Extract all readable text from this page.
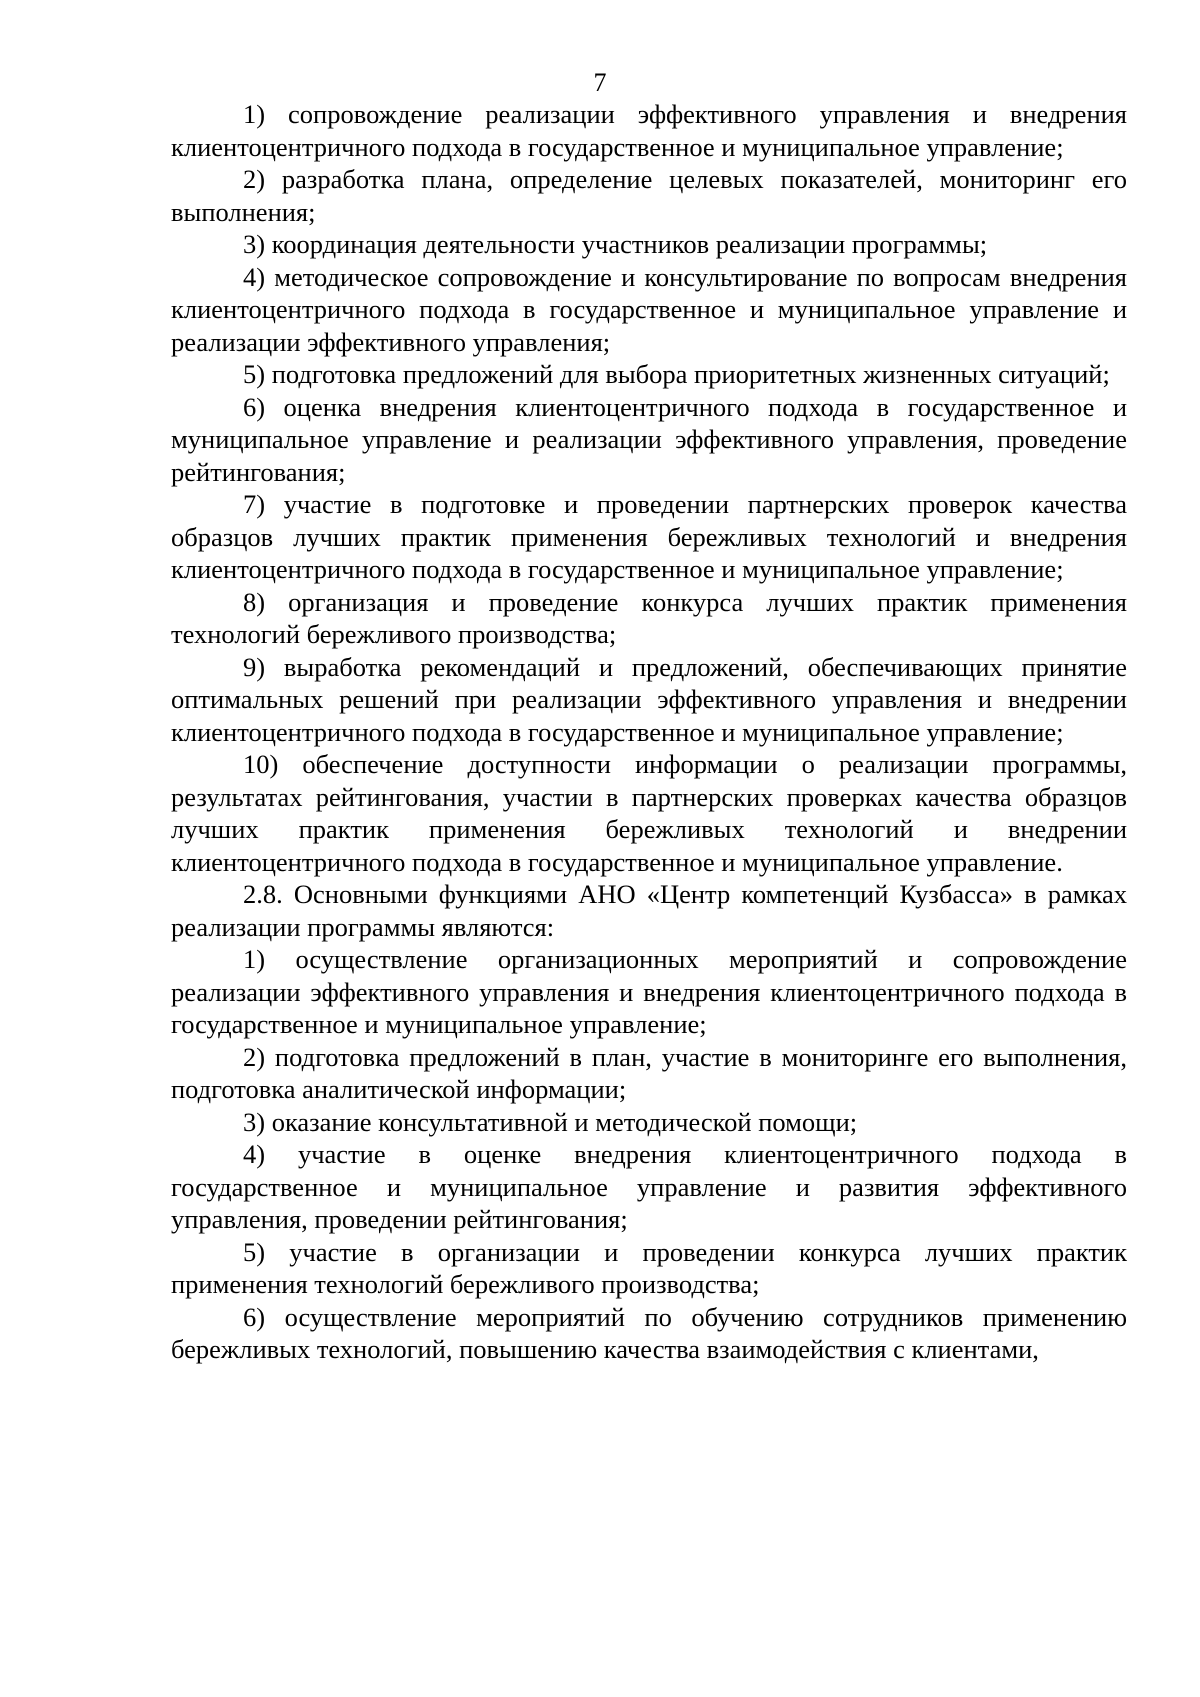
7

1) сопровождение реализации эффективного управления и внедрения клиентоцентричного подхода в государственное и муниципальное управление;

2) разработка плана, определение целевых показателей, мониторинг его выполнения;

3) координация деятельности участников реализации программы;

4) методическое сопровождение и консультирование по вопросам внедрения клиентоцентричного подхода в государственное и муниципальное управление и реализации эффективного управления;

5) подготовка предложений для выбора приоритетных жизненных ситуаций;

6) оценка внедрения клиентоцентричного подхода в государственное и муниципальное управление и реализации эффективного управления, проведение рейтингования;

7) участие в подготовке и проведении партнерских проверок качества образцов лучших практик применения бережливых технологий и внедрения клиентоцентричного подхода в государственное и муниципальное управление;

8) организация и проведение конкурса лучших практик применения технологий бережливого производства;

9) выработка рекомендаций и предложений, обеспечивающих принятие оптимальных решений при реализации эффективного управления и внедрении клиентоцентричного подхода в государственное и муниципальное управление;

10) обеспечение доступности информации о реализации программы, результатах рейтингования, участии в партнерских проверках качества образцов лучших практик применения бережливых технологий и внедрении клиентоцентричного подхода в государственное и муниципальное управление.

2.8. Основными функциями АНО «Центр компетенций Кузбасса» в рамках реализации программы являются:

1) осуществление организационных мероприятий и сопровождение реализации эффективного управления и внедрения клиентоцентричного подхода в государственное и муниципальное управление;

2) подготовка предложений в план, участие в мониторинге его выполнения, подготовка аналитической информации;

3) оказание консультативной и методической помощи;

4) участие в оценке внедрения клиентоцентричного подхода в государственное и муниципальное управление и развития эффективного управления, проведении рейтингования;

5) участие в организации и проведении конкурса лучших практик применения технологий бережливого производства;

6) осуществление мероприятий по обучению сотрудников применению бережливых технологий, повышению качества взаимодействия с клиентами,
